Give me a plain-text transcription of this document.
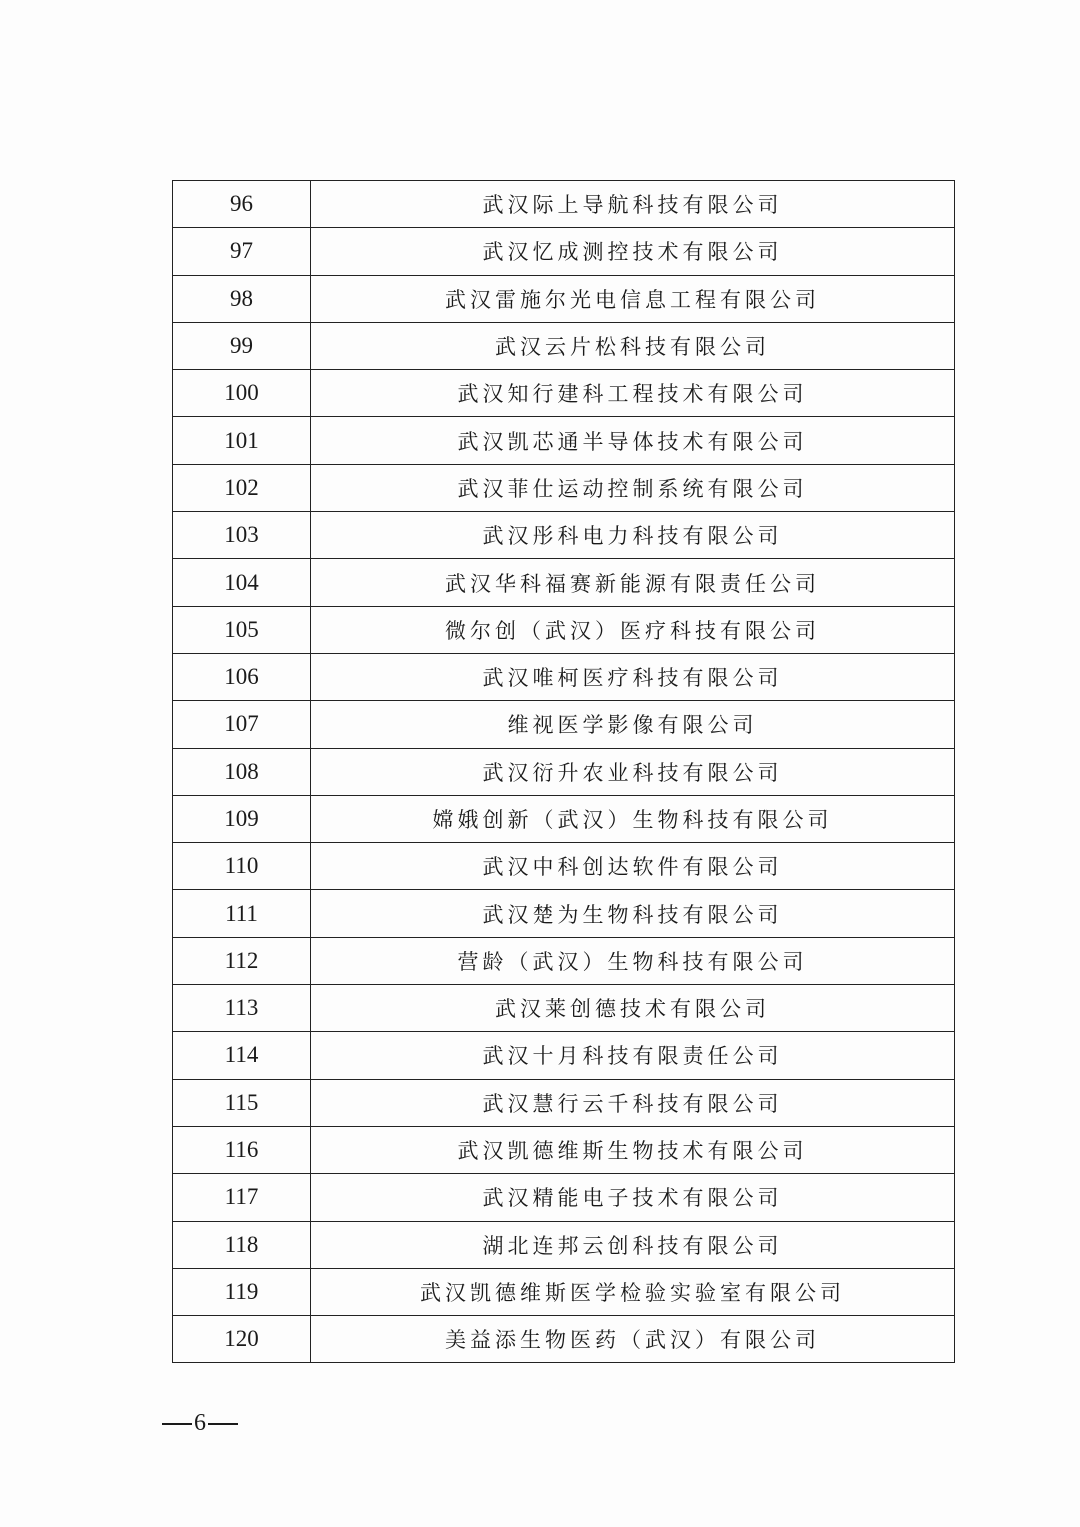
96	武汉际上导航科技有限公司
97	武汉忆成测控技术有限公司
98	武汉雷施尔光电信息工程有限公司
99	武汉云片松科技有限公司
100	武汉知行建科工程技术有限公司
101	武汉凯芯通半导体技术有限公司
102	武汉菲仕运动控制系统有限公司
103	武汉彤科电力科技有限公司
104	武汉华科福赛新能源有限责任公司
105	微尔创（武汉）医疗科技有限公司
106	武汉唯柯医疗科技有限公司
107	维视医学影像有限公司
108	武汉衍升农业科技有限公司
109	嫦娥创新（武汉）生物科技有限公司
110	武汉中科创达软件有限公司
111	武汉楚为生物科技有限公司
112	营龄（武汉）生物科技有限公司
113	武汉莱创德技术有限公司
114	武汉十月科技有限责任公司
115	武汉慧行云千科技有限公司
116	武汉凯德维斯生物技术有限公司
117	武汉精能电子技术有限公司
118	湖北连邦云创科技有限公司
119	武汉凯德维斯医学检验实验室有限公司
120	美益添生物医药（武汉）有限公司
6
